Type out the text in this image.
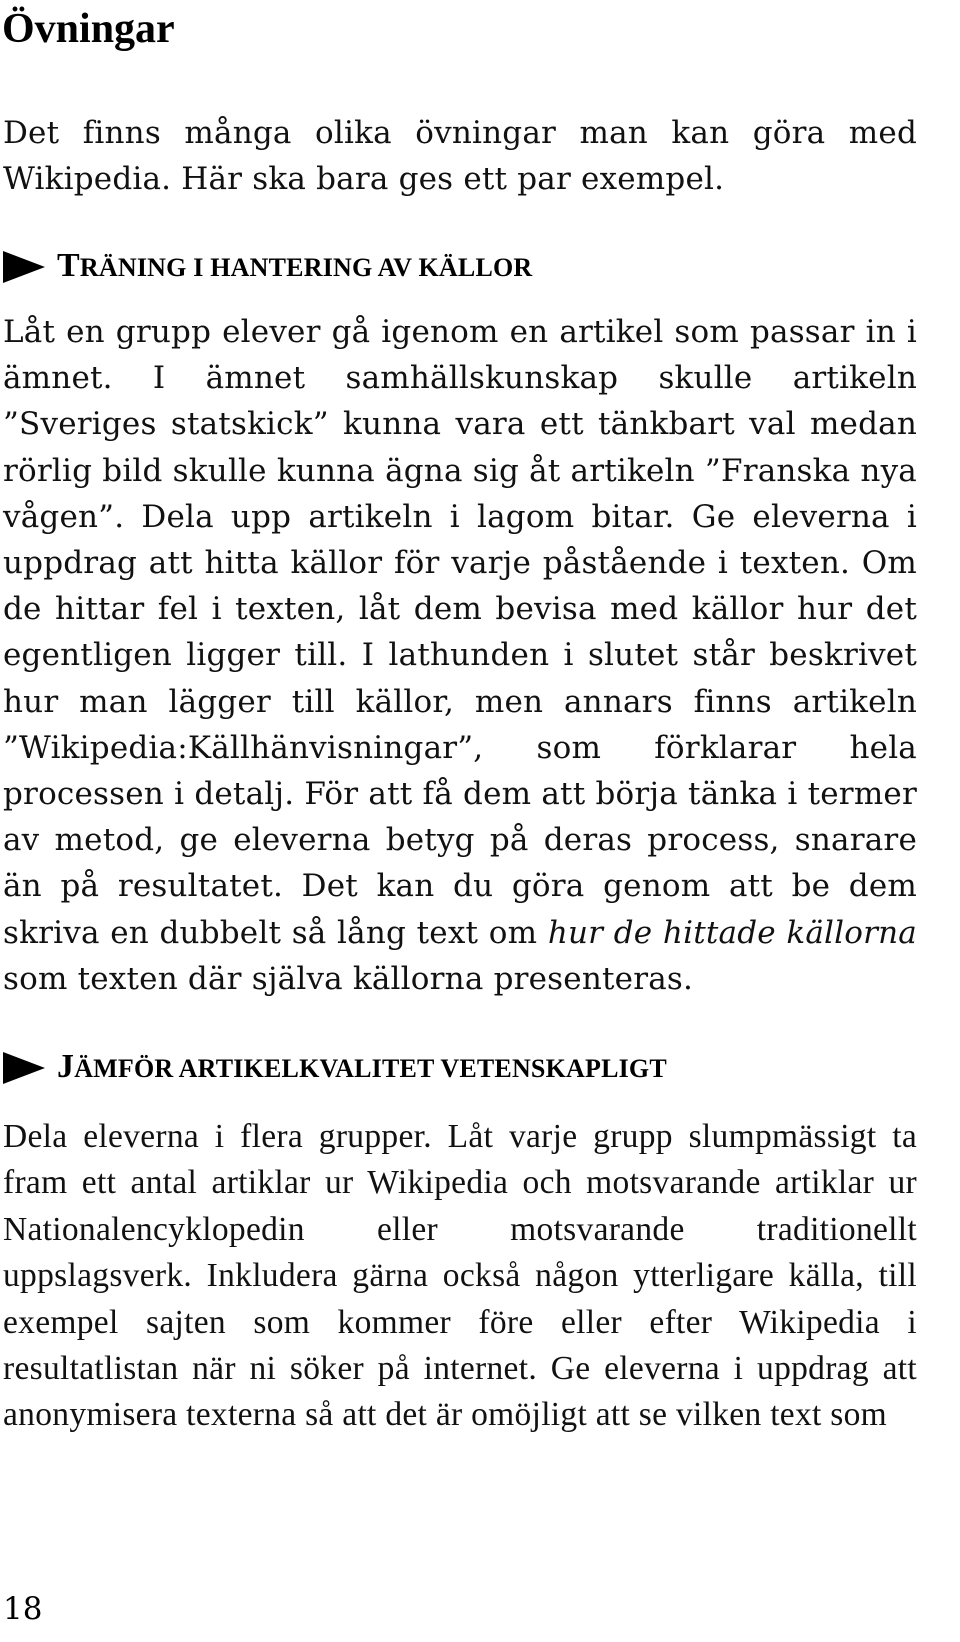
Övningar

Det finns många olika övningar man kan göra med Wikipedia. Här ska bara ges ett par exempel.

TRÄNING I HANTERING AV KÄLLOR

Låt en grupp elever gå igenom en artikel som passar in i ämnet. I ämnet samhällskunskap skulle artikeln ”Sveriges statskick” kunna vara ett tänkbart val medan rörlig bild skulle kunna ägna sig åt artikeln ”Franska nya vågen”. Dela upp artikeln i lagom bitar. Ge eleverna i uppdrag att hitta källor för varje påstående i texten. Om de hittar fel i texten, låt dem bevisa med källor hur det egentligen ligger till. I lathunden i slutet står beskrivet hur man lägger till källor, men annars finns artikeln ”Wikipedia:Källhänvisningar”, som förklarar hela processen i detalj. För att få dem att börja tänka i termer av metod, ge eleverna betyg på deras process, snarare än på resultatet. Det kan du göra genom att be dem skriva en dubbelt så lång text om hur de hittade källorna som texten där själva källorna presenteras.

JÄMFÖR ARTIKELKVALITET VETENSKAPLIGT

Dela eleverna i flera grupper. Låt varje grupp slumpmässigt ta fram ett antal artiklar ur Wikipedia och motsvarande artiklar ur Nationalencyklopedin eller motsvarande traditionellt uppslagsverk. Inkludera gärna också någon ytterligare källa, till exempel sajten som kommer före eller efter Wikipedia i resultatlistan när ni söker på internet. Ge eleverna i uppdrag att anonymisera texterna så att det är omöjligt att se vilken text som

18
